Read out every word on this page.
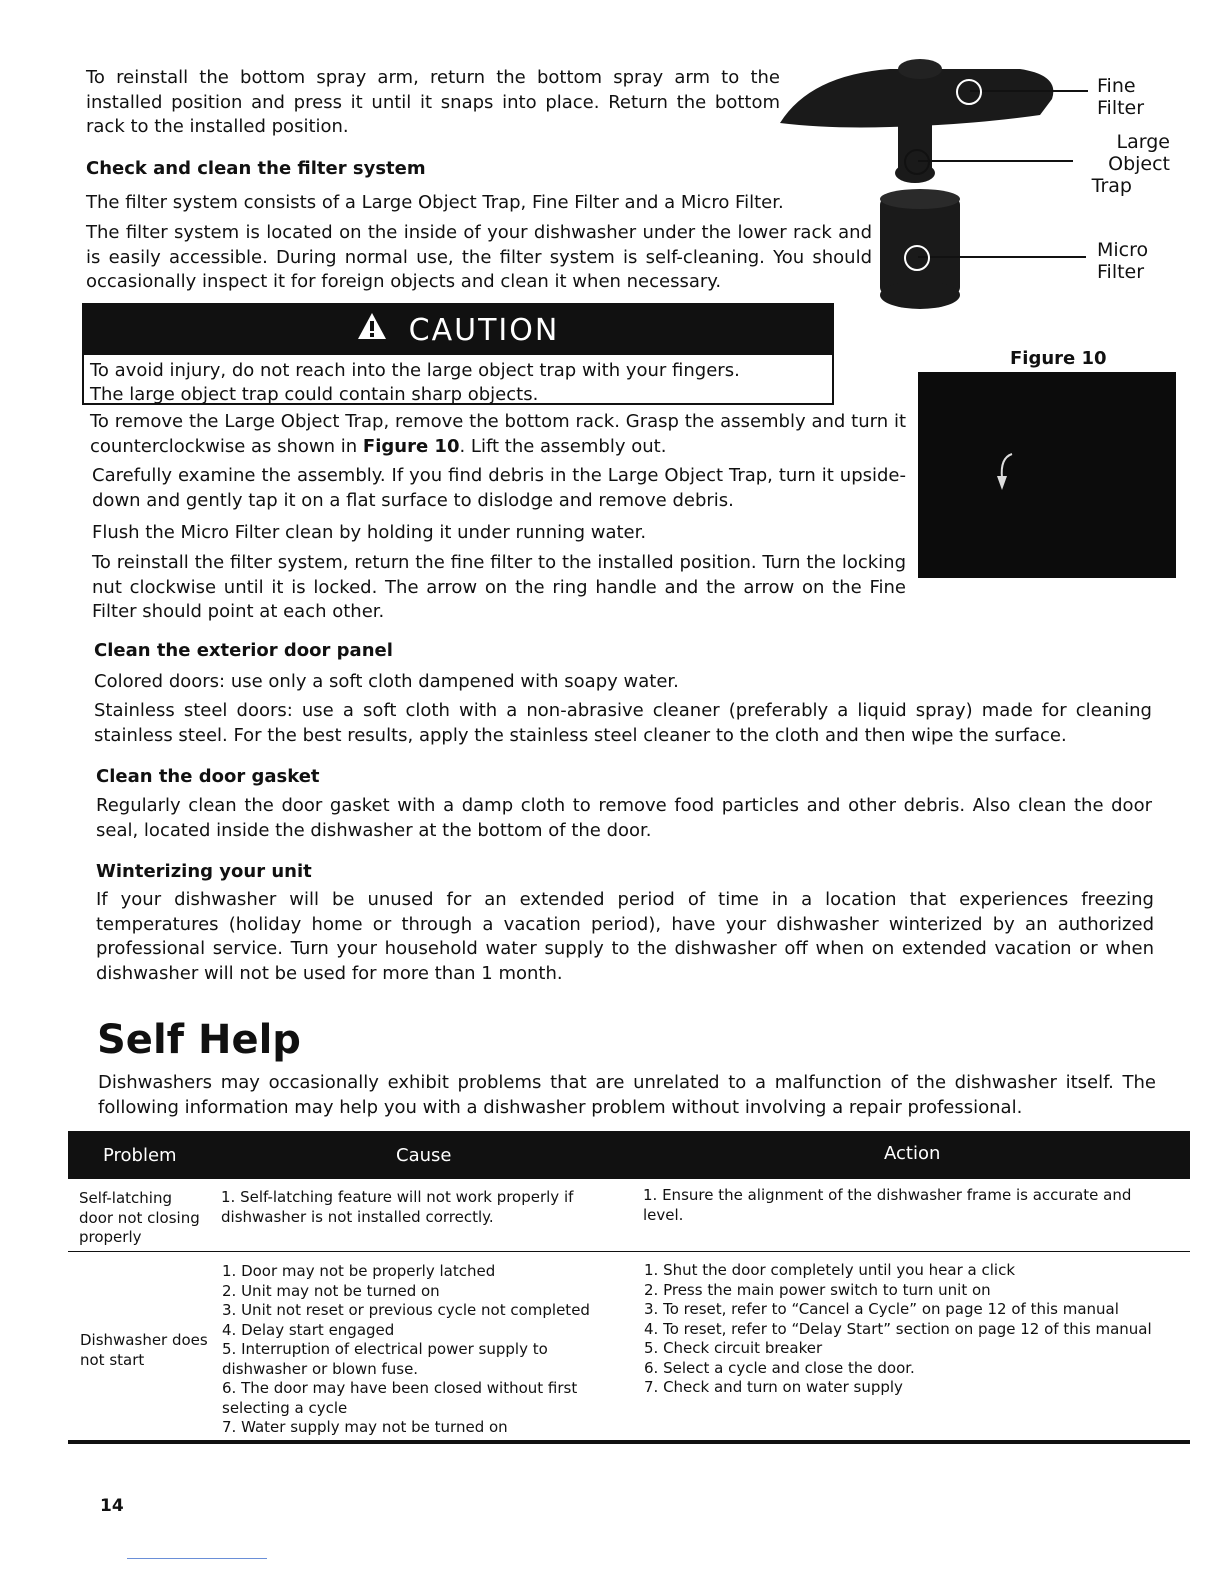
To reinstall the bottom spray arm, return the bottom spray arm to the installed position and press it until it snaps into place. Return the bottom rack to the installed position.

Check and clean the filter system

The filter system consists of a Large Object Trap, Fine Filter and a Micro Filter.

The filter system is located on the inside of your dishwasher under the lower rack and is easily accessible. During normal use, the filter system is self-cleaning. You should occasionally inspect it for foreign objects and clean it when necessary.

CAUTION
To avoid injury, do not reach into the large object trap with your fingers.
The large object trap could contain sharp objects.
Fine
Filter
Large Object
Trap
Micro
Filter
Figure 10

To remove the Large Object Trap, remove the bottom rack. Grasp the assembly and turn it counterclockwise as shown in Figure 10. Lift the assembly out.

Carefully examine the assembly. If you find debris in the Large Object Trap, turn it upside-down and gently tap it on a flat surface to dislodge and remove debris.

Flush the Micro Filter clean by holding it under running water.

To reinstall the filter system, return the fine filter to the installed position. Turn the locking nut clockwise until it is locked. The arrow on the ring handle and the arrow on the Fine Filter should point at each other.

Clean the exterior door panel

Colored doors: use only a soft cloth dampened with soapy water.

Stainless steel doors: use a soft cloth with a non-abrasive cleaner (preferably a liquid spray) made for cleaning stainless steel. For the best results, apply the stainless steel cleaner to the cloth and then wipe the surface.

Clean the door gasket

Regularly clean the door gasket with a damp cloth to remove food particles and other debris. Also clean the door seal, located inside the dishwasher at the bottom of the door.

Winterizing your unit

If your dishwasher will be unused for an extended period of time in a location that experiences freezing temperatures (holiday home or through a vacation period), have your dishwasher winterized by an authorized professional service. Turn your household water supply to the dishwasher off when on extended vacation or when dishwasher will not be used for more than 1 month.

Self Help

Dishwashers may occasionally exhibit problems that are unrelated to a malfunction of the dishwasher itself. The following information may help you with a dishwasher problem without involving a repair professional.

Problem	Cause	Action
Self-latching door not closing properly
1. Self-latching feature will not work properly if dishwasher is not installed correctly.
1. Ensure the alignment of the dishwasher frame is accurate and level.
Dishwasher does not start
1. Door may not be properly latched
2. Unit may not be turned on
3. Unit not reset or previous cycle not completed
4. Delay start engaged
5. Interruption of electrical power supply to dishwasher or blown fuse.
6. The door may have been closed without first selecting a cycle
7. Water supply may not be turned on
1. Shut the door completely until you hear a click
2. Press the main power switch to turn unit on
3. To reset, refer to “Cancel a Cycle” on page 12 of this manual
4. To reset, refer to “Delay Start” section on page 12 of this manual
5. Check circuit breaker
6. Select a cycle and close the door.
7. Check and turn on water supply
14
